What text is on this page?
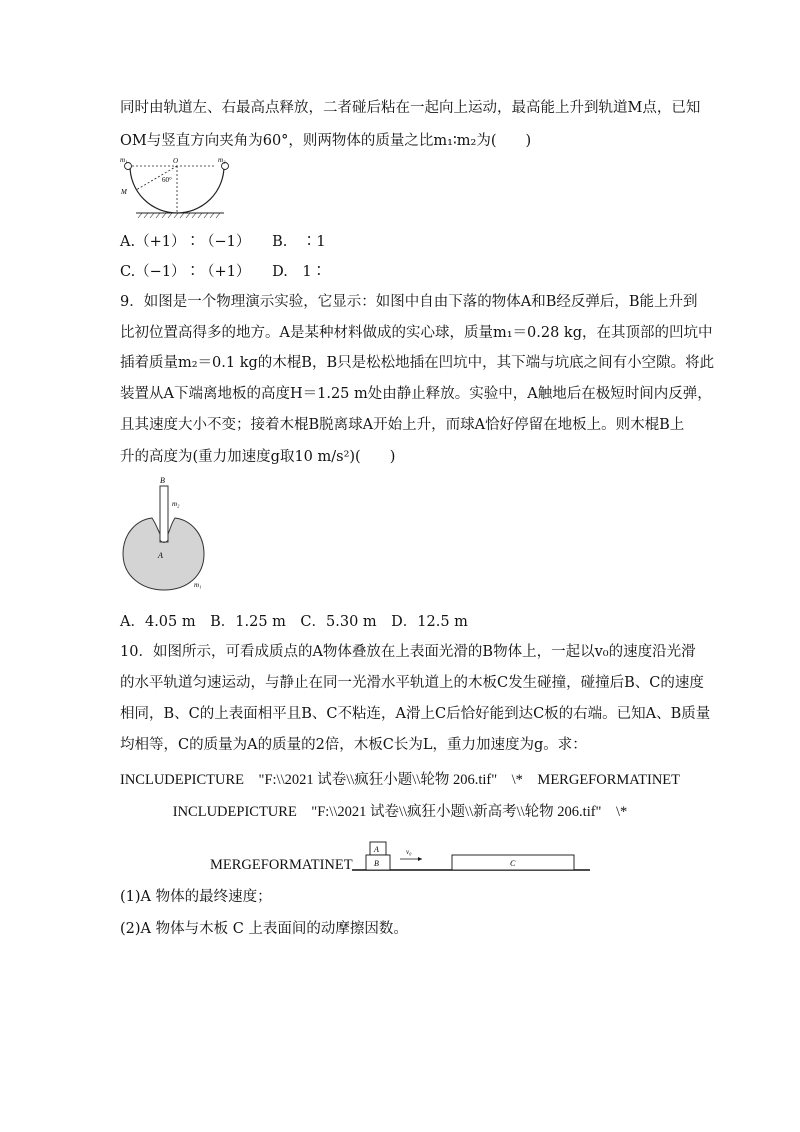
同时由轨道左、右最高点释放，二者碰后粘在一起向上运动，最高能上升到轨道M点，已知
OM与竖直方向夹角为60°，则两物体的质量之比m₁∶m₂为(　　)
m₁	m₂
O
60°
M
A.（+1）∶（−1）　　B.　∶1
C.（−1）∶（+1）　　D.　1∶
9．如图是一个物理演示实验，它显示：如图中自由下落的物体A和B经反弹后，B能上升到
比初位置高得多的地方。A是某种材料做成的实心球，质量m₁＝0.28 kg，在其顶部的凹坑中
插着质量m₂＝0.1 kg的木棍B，B只是松松地插在凹坑中，其下端与坑底之间有小空隙。将此
装置从A下端离地板的高度H＝1.25 m处由静止释放。实验中，A触地后在极短时间内反弹，
且其速度大小不变；接着木棍B脱离球A开始上升，而球A恰好停留在地板上。则木棍B上
升的高度为(重力加速度g取10 m/s²)(　　)
B
m₂
A
m₁
A．4.05 m　B．1.25 m　C．5.30 m　D．12.5 m
10．如图所示，可看成质点的A物体叠放在上表面光滑的B物体上，一起以v₀的速度沿光滑
的水平轨道匀速运动，与静止在同一光滑水平轨道上的木板C发生碰撞，碰撞后B、C的速度
相同，B、C的上表面相平且B、C不粘连，A滑上C后恰好能到达C板的右端。已知A、B质量
均相等，C的质量为A的质量的2倍，木板C长为L，重力加速度为g。求：
INCLUDEPICTURE　"F:\\2021 试卷\\疯狂小题\\轮物 206.tif"　\*　MERGEFORMATINET
INCLUDEPICTURE　"F:\\2021 试卷\\疯狂小题\\新高考\\轮物 206.tif"　\*
MERGEFORMATINET
A
B
v₀
C
(1)A 物体的最终速度；
(2)A 物体与木板 C 上表面间的动摩擦因数。
